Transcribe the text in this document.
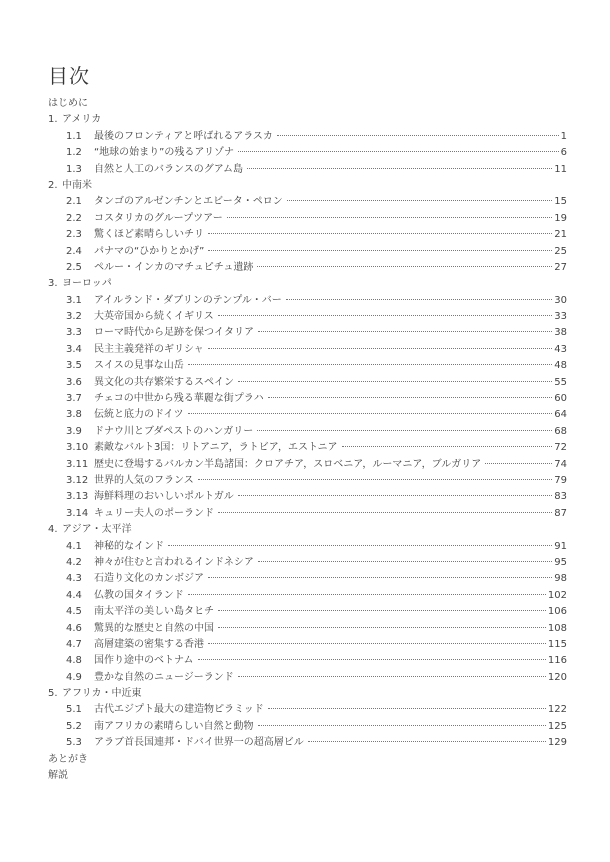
目次
はじめに
1. アメリカ
1.1	最後のフロンティアと呼ばれるアラスカ	1
1.2	“地球の始まり”の残るアリゾナ	6
1.3	自然と人工のバランスのグアム島	11
2. 中南米
2.1	タンゴのアルゼンチンとエビータ・ペロン	15
2.2	コスタリカのグループツアー	19
2.3	驚くほど素晴らしいチリ	21
2.4	パナマの“ひかりとかげ”	25
2.5	ペルー・インカのマチュピチュ遺跡	27
3. ヨーロッパ
3.1	アイルランド・ダブリンのテンプル・バー	30
3.2	大英帝国から続くイギリス	33
3.3	ローマ時代から足跡を保つイタリア	38
3.4	民主主義発祥のギリシャ	43
3.5	スイスの見事な山岳	48
3.6	異文化の共存繁栄するスペイン	55
3.7	チェコの中世から残る華麗な街プラハ	60
3.8	伝統と底力のドイツ	64
3.9	ドナウ川とブダペストのハンガリー	68
3.10 素敵なバルト3国：リトアニア，ラトビア，エストニア	72
3.11 歴史に登場するバルカン半島諸国：クロアチア，スロベニア，ルーマニア，ブルガリア	74
3.12 世界的人気のフランス	79
3.13 海鮮料理のおいしいポルトガル	83
3.14 キュリー夫人のポーランド	87
4. アジア・太平洋
4.1	神秘的なインド	91
4.2	神々が住むと言われるインドネシア	95
4.3	石造り文化のカンボジア	98
4.4	仏教の国タイランド	102
4.5	南太平洋の美しい島タヒチ	106
4.6	驚異的な歴史と自然の中国	108
4.7	高層建築の密集する香港	115
4.8	国作り途中のベトナム	116
4.9	豊かな自然のニュージーランド	120
5. アフリカ・中近東
5.1	古代エジプト最大の建造物ピラミッド	122
5.2	南アフリカの素晴らしい自然と動物	125
5.3	アラブ首長国連邦・ドバイ世界一の超高層ビル	129
あとがき
解説
